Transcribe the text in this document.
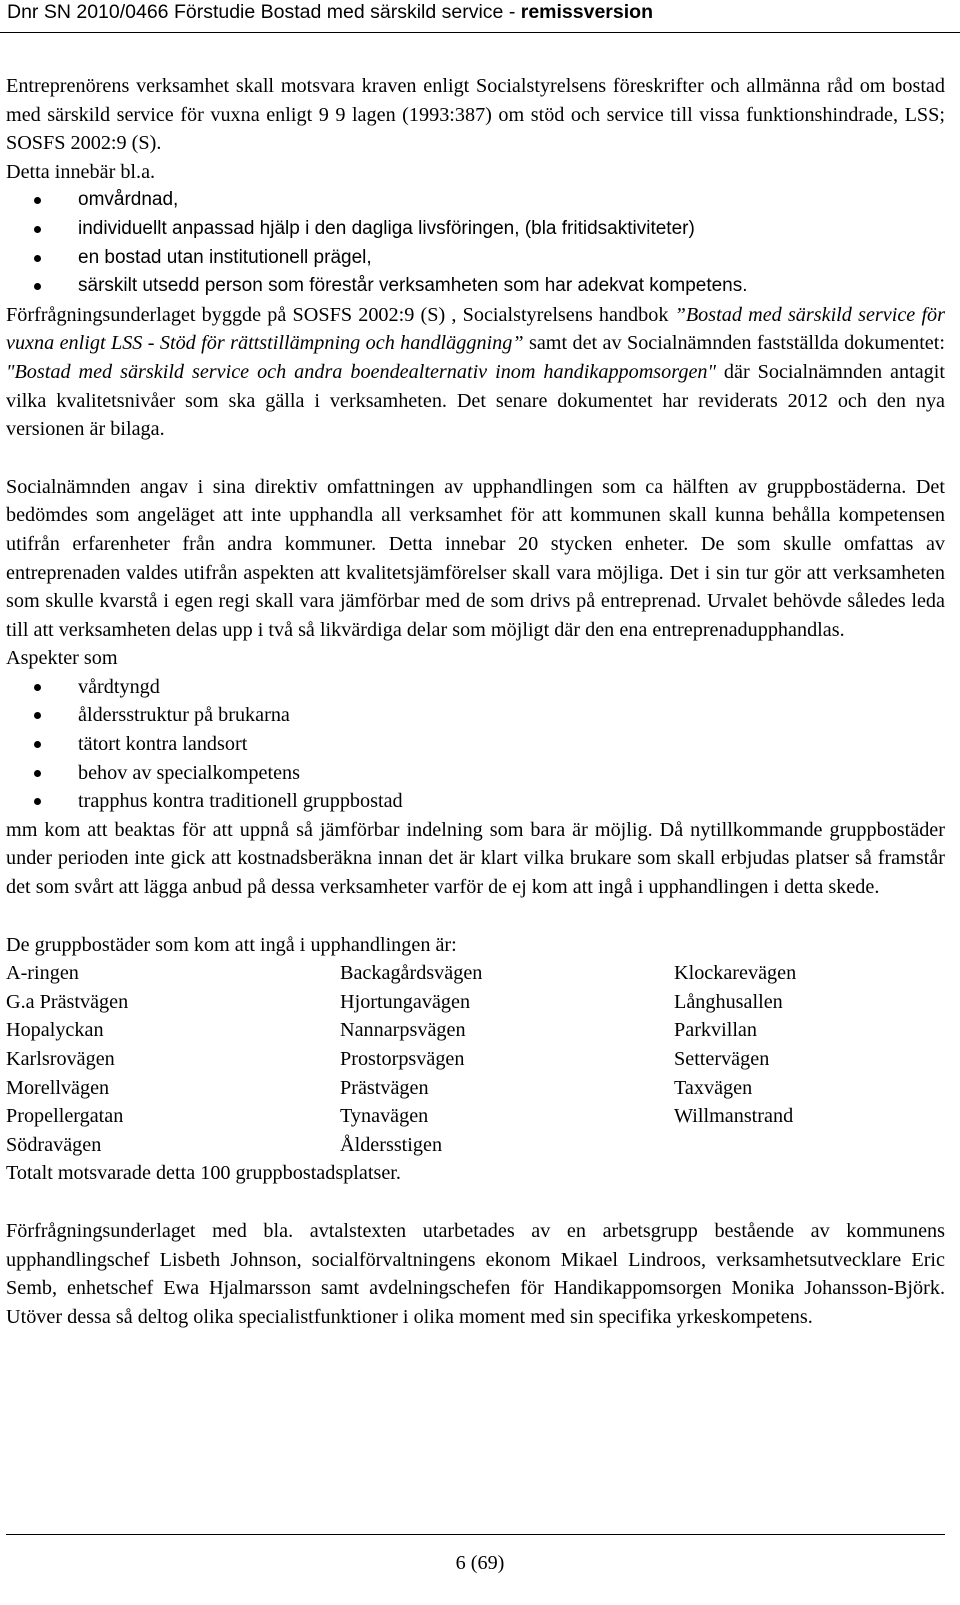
Dnr SN 2010/0466 Förstudie Bostad med särskild service - remissversion

Entreprenörens verksamhet skall motsvara kraven enligt Socialstyrelsens föreskrifter och allmänna råd om bostad med särskild service för vuxna enligt 9 9 lagen (1993:387) om stöd och service till vissa funktionshindrade, LSS; SOSFS 2002:9 (S).

Detta innebär bl.a.

omvårdnad,
individuellt anpassad hjälp i den dagliga livsföringen, (bla fritidsaktiviteter)
en bostad utan institutionell prägel,
särskilt utsedd person som förestår verksamheten som har adekvat kompetens.

Förfrågningsunderlaget byggde på SOSFS 2002:9 (S) , Socialstyrelsens handbok ”Bostad med särskild service för vuxna enligt LSS - Stöd för rättstillämpning och handläggning” samt det av Socialnämnden fastställda dokumentet: "Bostad med särskild service och andra boendealternativ inom handikappomsorgen" där Socialnämnden antagit vilka kvalitetsnivåer som ska gälla i verksamheten. Det senare dokumentet har reviderats 2012 och den nya versionen är bilaga.

Socialnämnden angav i sina direktiv omfattningen av upphandlingen som ca hälften av gruppbostäderna. Det bedömdes som angeläget att inte upphandla all verksamhet för att kommunen skall kunna behålla kompetensen utifrån erfarenheter från andra kommuner. Detta innebar 20 stycken enheter. De som skulle omfattas av entreprenaden valdes utifrån aspekten att kvalitetsjämförelser skall vara möjliga. Det i sin tur gör att verksamheten som skulle kvarstå i egen regi skall vara jämförbar med de som drivs på entreprenad. Urvalet behövde således leda till att verksamheten delas upp i två så likvärdiga delar som möjligt där den ena entreprenadupphandlas.

Aspekter som

vårdtyngd
åldersstruktur på brukarna
tätort kontra landsort
behov av specialkompetens
trapphus kontra traditionell gruppbostad

mm kom att beaktas för att uppnå så jämförbar indelning som bara är möjlig. Då nytillkommande gruppbostäder under perioden inte gick att kostnadsberäkna innan det är klart vilka brukare som skall erbjudas platser så framstår det som svårt att lägga anbud på dessa verksamheter varför de ej kom att ingå i upphandlingen i detta skede.

De gruppbostäder som kom att ingå i upphandlingen är:

A-ringen	Backagårdsvägen	Klockarevägen
G.a Prästvägen	Hjortungavägen	Långhusallen
Hopalyckan	Nannarpsvägen	Parkvillan
Karlsrovägen	Prostorpsvägen	Settervägen
Morellvägen	Prästvägen	Taxvägen
Propellergatan	Tynavägen	Willmanstrand
Södravägen	Åldersstigen

Totalt motsvarade detta 100 gruppbostadsplatser.

Förfrågningsunderlaget med bla. avtalstexten utarbetades av en arbetsgrupp bestående av kommunens upphandlingschef Lisbeth Johnson, socialförvaltningens ekonom Mikael Lindroos, verksamhetsutvecklare Eric Semb, enhetschef Ewa Hjalmarsson samt avdelningschefen för Handikappomsorgen Monika Johansson-Björk. Utöver dessa så deltog olika specialistfunktioner i olika moment med sin specifika yrkeskompetens.

6 (69)
